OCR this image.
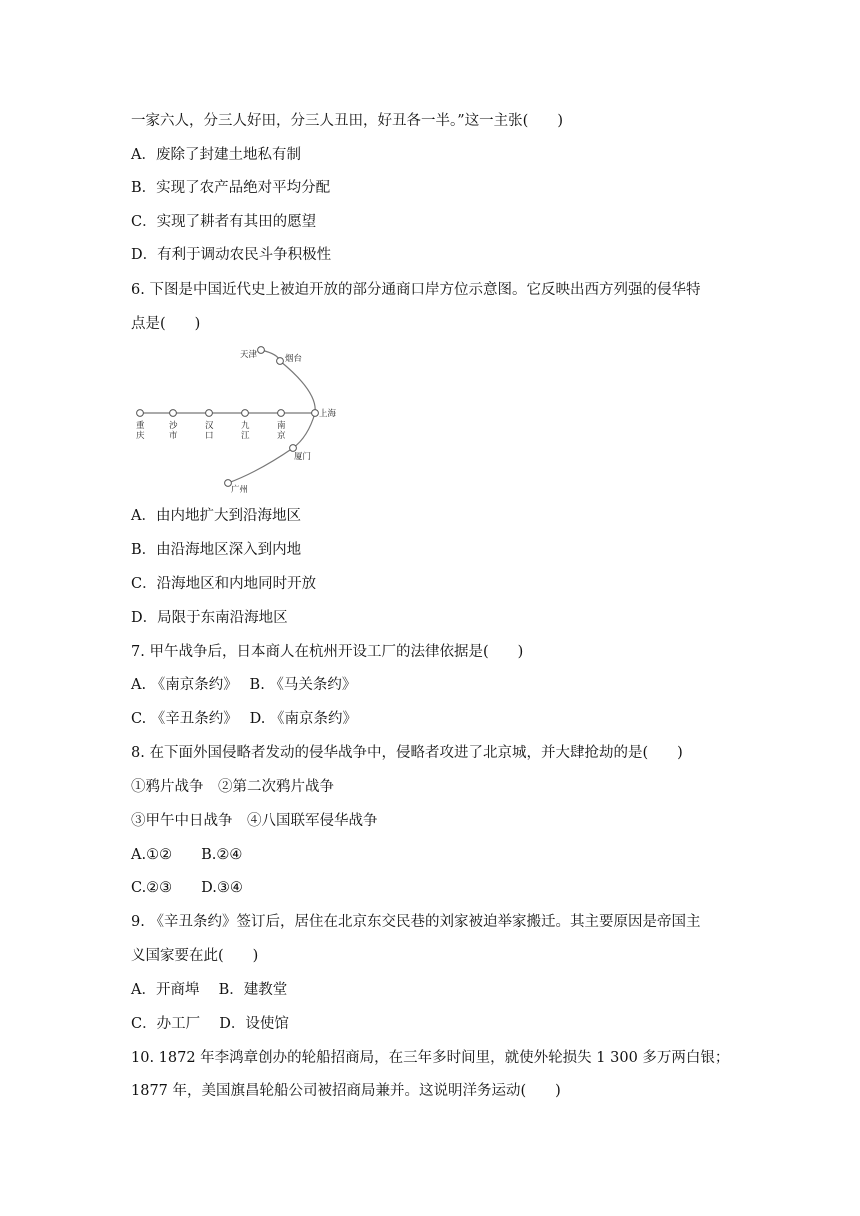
一家六人，分三人好田，分三人丑田，好丑各一半。”这一主张(　　)
A．废除了封建土地私有制
B．实现了农产品绝对平均分配
C．实现了耕者有其田的愿望
D．有利于调动农民斗争积极性
6. 下图是中国近代史上被迫开放的部分通商口岸方位示意图。它反映出西方列强的侵华特
点是(　　)
天津	烟台
上海
厦门
广州
重
庆
沙
市
汉
口
九
江
南
京
A．由内地扩大到沿海地区
B．由沿海地区深入到内地
C．沿海地区和内地同时开放
D．局限于东南沿海地区
7. 甲午战争后，日本商人在杭州开设工厂的法律依据是(　　)
A. 《南京条约》　 B. 《马关条约》
C. 《辛丑条约》　 D. 《南京条约》
8. 在下面外国侵略者发动的侵华战争中，侵略者攻进了北京城，并大肆抢劫的是(　　)
①鸦片战争　②第二次鸦片战争
③甲午中日战争　④八国联军侵华战争
A.①②　　B.②④
C.②③　　D.③④
9. 《辛丑条约》签订后，居住在北京东交民巷的刘家被迫举家搬迁。其主要原因是帝国主
义国家要在此(　　)
A．开商埠　 B．建教堂
C．办工厂　 D．设使馆
10. 1872 年李鸿章创办的轮船招商局，在三年多时间里，就使外轮损失 1 300 多万两白银；
1877 年，美国旗昌轮船公司被招商局兼并。这说明洋务运动(　　)
